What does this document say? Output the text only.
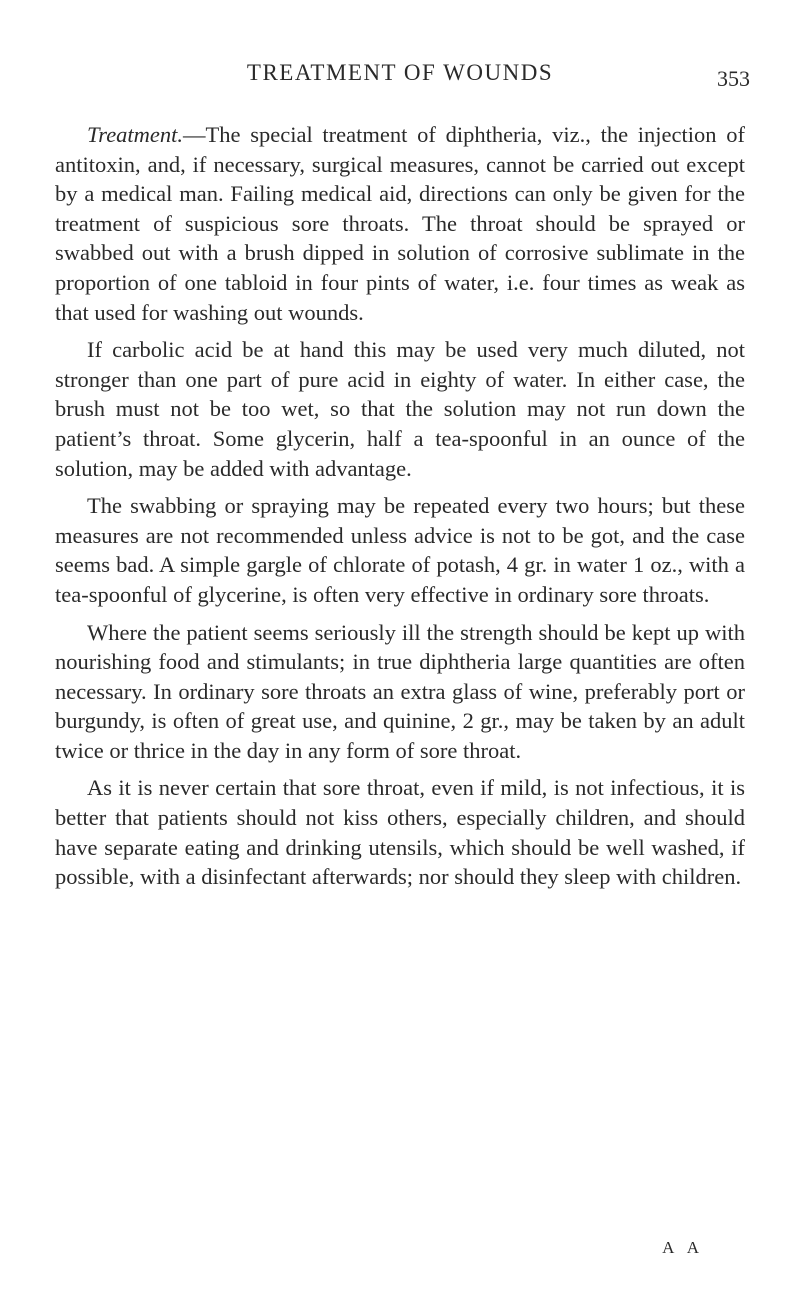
TREATMENT OF WOUNDS	353

Treatment.—The special treatment of diphtheria, viz., the injection of antitoxin, and, if necessary, surgical measures, cannot be carried out except by a medical man. Failing medical aid, directions can only be given for the treatment of suspicious sore throats. The throat should be sprayed or swabbed out with a brush dipped in solution of corrosive sublimate in the proportion of one tabloid in four pints of water, i.e. four times as weak as that used for washing out wounds.

If carbolic acid be at hand this may be used very much diluted, not stronger than one part of pure acid in eighty of water. In either case, the brush must not be too wet, so that the solution may not run down the patient’s throat. Some glycerin, half a tea-spoonful in an ounce of the solution, may be added with advantage.

The swabbing or spraying may be repeated every two hours; but these measures are not recommended unless advice is not to be got, and the case seems bad. A simple gargle of chlorate of potash, 4 gr. in water 1 oz., with a tea-spoonful of glycerine, is often very effective in ordinary sore throats.

Where the patient seems seriously ill the strength should be kept up with nourishing food and stimulants; in true diphtheria large quantities are often necessary. In ordinary sore throats an extra glass of wine, preferably port or burgundy, is often of great use, and quinine, 2 gr., may be taken by an adult twice or thrice in the day in any form of sore throat.

As it is never certain that sore throat, even if mild, is not infectious, it is better that patients should not kiss others, especially children, and should have separate eating and drinking utensils, which should be well washed, if possible, with a disinfectant afterwards; nor should they sleep with children.

A A
